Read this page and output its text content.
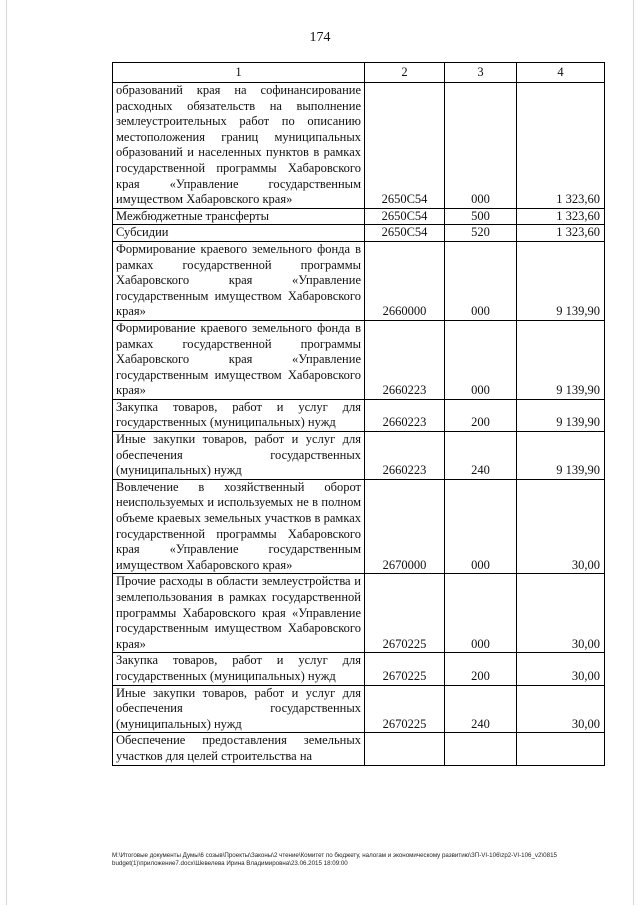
174
1	2	3	4
образований края на софинансирование расходных обязательств на выполнение землеустроительных работ по описанию местоположения границ муниципальных образований и населенных пунктов в рамках государственной программы Хабаровского края «Управление государственным имуществом Хабаровского края»	2650С54	000	1 323,60
Межбюджетные трансферты	2650С54	500	1 323,60
Субсидии	2650С54	520	1 323,60
Формирование краевого земельного фонда в рамках государственной программы Хабаровского края «Управление государственным имуществом Хабаровского края»	2660000	000	9 139,90
Формирование краевого земельного фонда в рамках государственной программы Хабаровского края «Управление государственным имуществом Хабаровского края»	2660223	000	9 139,90
Закупка товаров, работ и услуг для государственных (муниципальных) нужд	2660223	200	9 139,90
Иные закупки товаров, работ и услуг для обеспечения государственных (муниципальных) нужд	2660223	240	9 139,90
Вовлечение в хозяйственный оборот неиспользуемых и используемых не в полном объеме краевых земельных участков в рамках государственной программы Хабаровского края «Управление государственным имуществом Хабаровского края»	2670000	000	30,00
Прочие расходы в области землеустройства и землепользования в рамках государственной программы Хабаровского края «Управление государственным имуществом Хабаровского края»	2670225	000	30,00
Закупка товаров, работ и услуг для государственных (муниципальных) нужд	2670225	200	30,00
Иные закупки товаров, работ и услуг для обеспечения государственных (муниципальных) нужд	2670225	240	30,00
Обеспечение предоставления земельных участков для целей строительства на			
M:\Итоговые документы Думы\6 созыв\Проекты\Законы\2 чтение\Комитет по бюджету, налогам и экономическому развитию\ЗП-VI-106\zp2-VI-106_v2\0815 budget(1)\приложение7.docx\Шевелева Ирина Владимировна\23.06.2015 18:09:00
